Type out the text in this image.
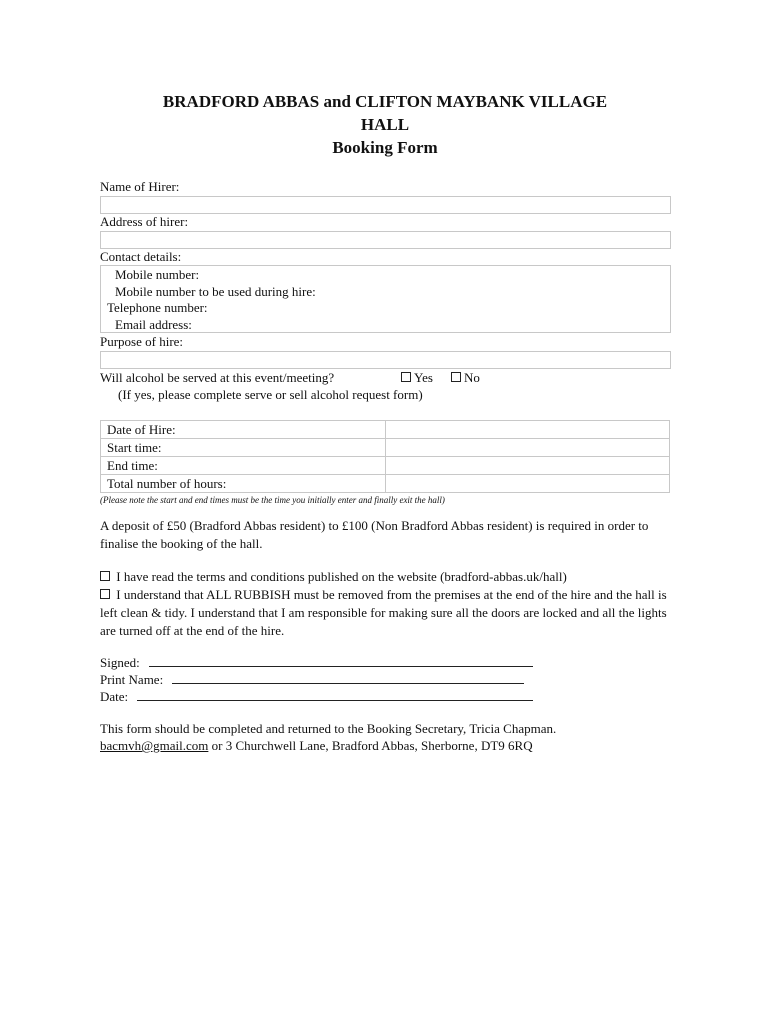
BRADFORD ABBAS and CLIFTON MAYBANK VILLAGE
HALL
Booking Form
Name of Hirer:
Address of hirer:
Contact details:
Mobile number:
Mobile number to be used during hire:
Telephone number:
Email address:
Purpose of hire:
Will alcohol be served at this event/meeting?	Yes	No
(If yes, please complete serve or sell alcohol request form)
Date of Hire:	
Start time:	
End time:	
Total number of hours:	
(Please note the start and end times must be the time you initially enter and finally exit the hall)
A deposit of £50 (Bradford Abbas resident) to £100 (Non Bradford Abbas resident) is required in order to finalise the booking of the hall.
I have read the terms and conditions published on the website (bradford-abbas.uk/hall)
I understand that ALL RUBBISH must be removed from the premises at the end of the hire and the hall is left clean & tidy. I understand that I am responsible for making sure all the doors are locked and all the lights are turned off at the end of the hire.
Signed:
Print Name:
Date:
This form should be completed and returned to the Booking Secretary, Tricia Chapman.
bacmvh@gmail.com or 3 Churchwell Lane, Bradford Abbas, Sherborne, DT9 6RQ
